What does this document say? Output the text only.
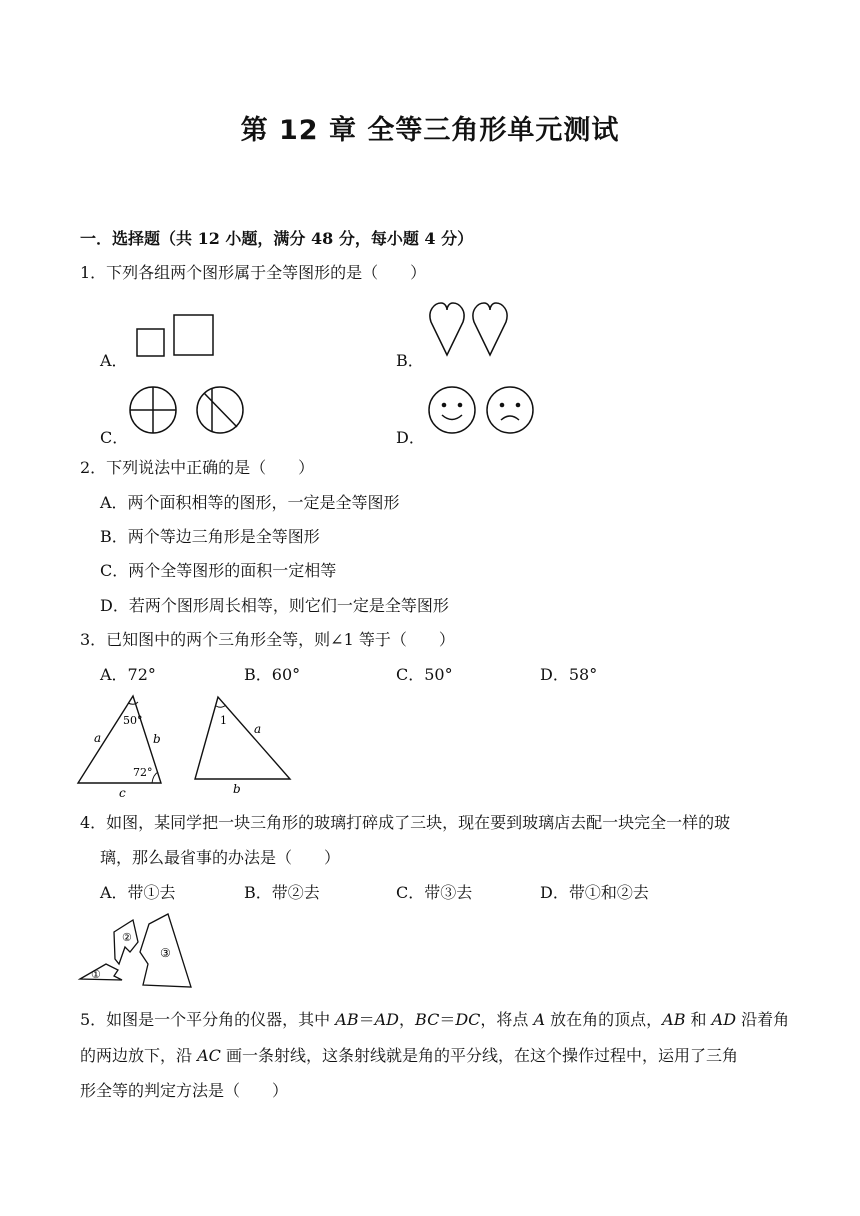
第 12 章 全等三角形单元测试
一．选择题（共 12 小题，满分 48 分，每小题 4 分）
1．下列各组两个图形属于全等图形的是（　　）
A．	B．
C．	D．
2．下列说法中正确的是（　　）
A．两个面积相等的图形，一定是全等图形
B．两个等边三角形是全等图形
C．两个全等图形的面积一定相等
D．若两个图形周长相等，则它们一定是全等图形
3．已知图中的两个三角形全等，则∠1 等于（　　）
A．72°	B．60°	C．50°	D．58°
50°
72°
a	b
c
1
a
b
4．如图，某同学把一块三角形的玻璃打碎成了三块，现在要到玻璃店去配一块完全一样的玻
璃，那么最省事的办法是（　　）
A．带①去	B．带②去	C．带③去	D．带①和②去
①
②
③
5．如图是一个平分角的仪器，其中 AB＝AD，BC＝DC，将点 A 放在角的顶点，AB 和 AD 沿着角
的两边放下，沿 AC 画一条射线，这条射线就是角的平分线，在这个操作过程中，运用了三角
形全等的判定方法是（　　）
